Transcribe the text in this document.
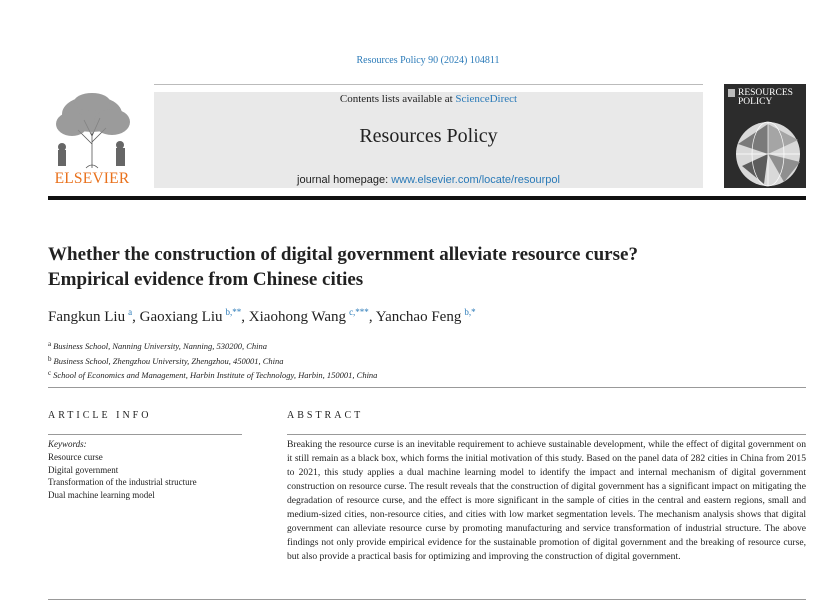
Resources Policy 90 (2024) 104811
ELSEVIER
Contents lists available at ScienceDirect
Resources Policy
journal homepage: www.elsevier.com/locate/resourpol
RESOURCES
POLICY
Whether the construction of digital government alleviate resource curse?
Empirical evidence from Chinese cities
Fangkun Liu  $^a$, Gaoxiang Liu  $^{b,**}$, Xiaohong Wang  $^{c,***}$, Yanchao Feng  $^{b,*}$
$^a$ Business School, Nanning University, Nanning, 530200, China
$^b$ Business School, Zhengzhou University, Zhengzhou, 450001, China
$^c$ School of Economics and Management, Harbin Institute of Technology, Harbin, 150001, China
ARTICLE INFO
Keywords:
Resource curse
Digital government
Transformation of the industrial structure
Dual machine learning model
ABSTRACT

Breaking the resource curse is an inevitable requirement to achieve sustainable development, while the effect of digital government on it still remain as a black box, which forms the initial motivation of this study. Based on the panel data of 282 cities in China from 2015 to 2021, this study applies a dual machine learning model to identify the impact and internal mechanism of digital government construction on resource curse. The result reveals that the construction of digital government has a significant impact on mitigating the degradation of resource curse, and the effect is more significant in the sample of cities in the central and eastern regions, small and medium-sized cities, non-resource cities, and cities with low market segmentation levels. The mechanism analysis shows that digital government can alleviate resource curse by promoting manufacturing and service transformation of industrial structure. The above findings not only provide empirical evidence for the sustainable promotion of digital government and the breaking of resource curse, but also provide a practical basis for optimizing and improving the construction of digital government.
